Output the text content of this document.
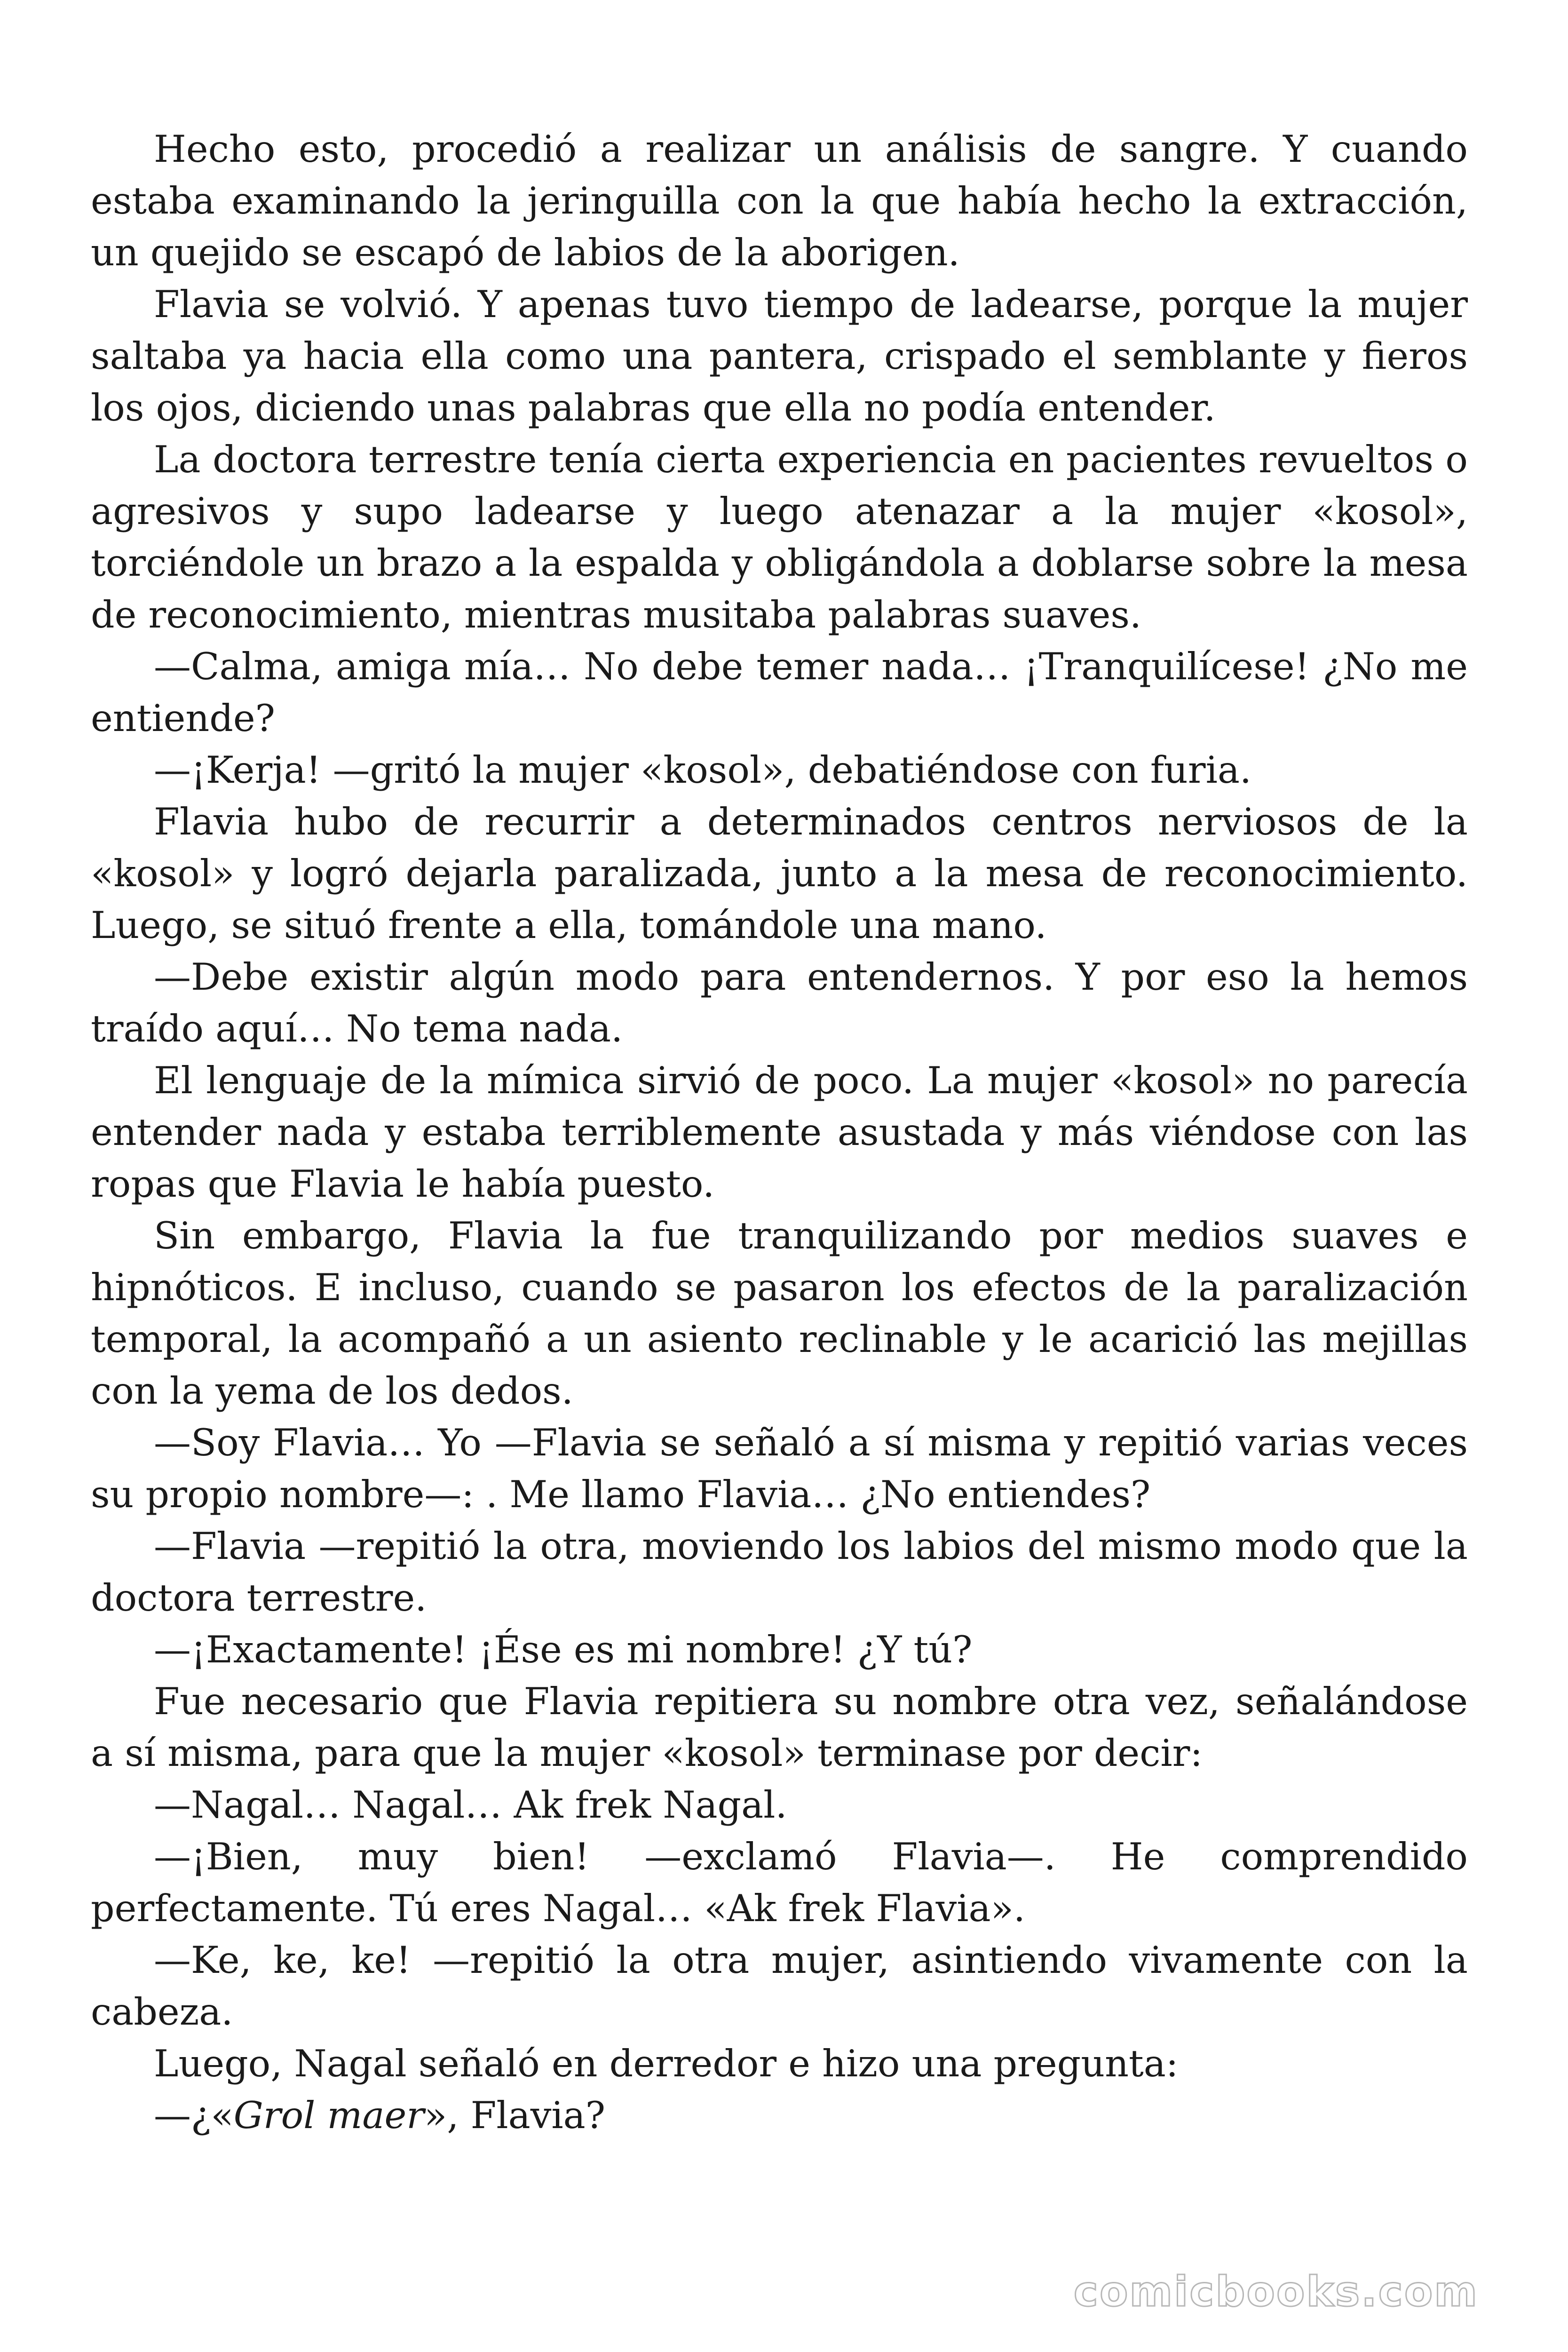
Hecho esto, procedió a realizar un análisis de sangre. Y cuando estaba examinando la jeringuilla con la que había hecho la extracción, un quejido se escapó de labios de la aborigen.

Flavia se volvió. Y apenas tuvo tiempo de ladearse, porque la mujer saltaba ya hacia ella como una pantera, crispado el semblante y fieros los ojos, diciendo unas palabras que ella no podía entender.

La doctora terrestre tenía cierta experiencia en pacientes revueltos o agresivos y supo ladearse y luego atenazar a la mujer «kosol», torciéndole un brazo a la espalda y obligándola a doblarse sobre la mesa de reconocimiento, mientras musitaba palabras suaves.

—Calma, amiga mía… No debe temer nada… ¡Tranquilícese! ¿No me entiende?

—¡Kerja! —gritó la mujer «kosol», debatiéndose con furia.

Flavia hubo de recurrir a determinados centros nerviosos de la «kosol» y logró dejarla paralizada, junto a la mesa de reconocimiento. Luego, se situó frente a ella, tomándole una mano.

—Debe existir algún modo para entendernos. Y por eso la hemos traído aquí… No tema nada.

El lenguaje de la mímica sirvió de poco. La mujer «kosol» no parecía entender nada y estaba terriblemente asustada y más viéndose con las ropas que Flavia le había puesto.

Sin embargo, Flavia la fue tranquilizando por medios suaves e hipnóticos. E incluso, cuando se pasaron los efectos de la paralización temporal, la acompañó a un asiento reclinable y le acarició las mejillas con la yema de los dedos.

—Soy Flavia… Yo —Flavia se señaló a sí misma y repitió varias veces su propio nombre—: . Me llamo Flavia… ¿No entiendes?

—Flavia —repitió la otra, moviendo los labios del mismo modo que la doctora terrestre.

—¡Exactamente! ¡Ése es mi nombre! ¿Y tú?

Fue necesario que Flavia repitiera su nombre otra vez, señalándose a sí misma, para que la mujer «kosol» terminase por decir:

—Nagal… Nagal… Ak frek Nagal.

—¡Bien, muy bien! —exclamó Flavia—. He comprendido perfectamente. Tú eres Nagal… «Ak frek Flavia».

—Ke, ke, ke! —repitió la otra mujer, asintiendo vivamente con la cabeza.

Luego, Nagal señaló en derredor e hizo una pregunta:

—¿«Grol maer», Flavia?

comicbooks.com
